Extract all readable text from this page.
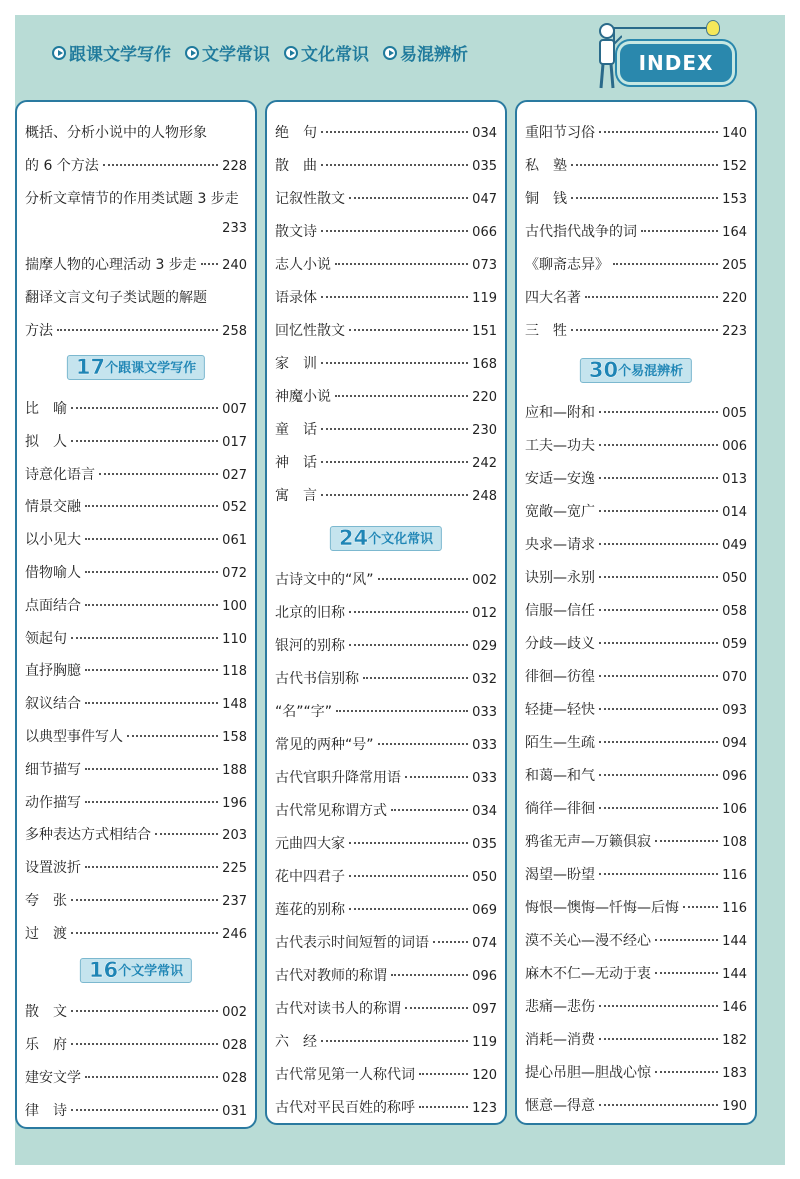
跟课文学写作 文学常识 文化常识 易混辨析	INDEX
概括、分析小说中的人物形象
的 6 个方法	228
分析文章情节的作用类试题 3 步走
233
揣摩人物的心理活动 3 步走 240
翻译文言文句子类试题的解题
方法	258
17 个跟课文学写作
比　喻	007
拟　人	017
诗意化语言	027
情景交融	052
以小见大	061
借物喻人	072
点面结合	100
领起句	110
直抒胸臆	118
叙议结合	148
以典型事件写人	158
细节描写	188
动作描写	196
多种表达方式相结合	203
设置波折	225
夸　张	237
过　渡	246
16 个文学常识
散　文	002
乐　府	028
建安文学	028
律　诗	031
绝　句	034
散　曲	035
记叙性散文	047
散文诗	066
志人小说	073
语录体	119
回忆性散文	151
家　训	168
神魔小说	220
童　话	230
神　话	242
寓　言	248
24 个文化常识
古诗文中的“风”	002
北京的旧称	012
银河的别称	029
古代书信别称	032
“名”“字”	033
常见的两种“号”	033
古代官职升降常用语	033
古代常见称谓方式	034
元曲四大家	035
花中四君子	050
莲花的别称	069
古代表示时间短暂的词语	074
古代对教师的称谓	096
古代对读书人的称谓	097
六　经	119
古代常见第一人称代词	120
古代对平民百姓的称呼	123
重阳节习俗	140
私　塾	152
铜　钱	153
古代指代战争的词	164
《聊斋志异》	205
四大名著	220
三　牲	223
30 个易混辨析
应和—附和	005
工夫—功夫	006
安适—安逸	013
宽敞—宽广	014
央求—请求	049
诀别—永别	050
信服—信任	058
分歧—歧义	059
徘徊—彷徨	070
轻捷—轻快	093
陌生—生疏	094
和蔼—和气	096
徜徉—徘徊	106
鸦雀无声—万籁俱寂	108
渴望—盼望	116
悔恨—懊悔—忏悔—后悔	116
漠不关心—漫不经心	144
麻木不仁—无动于衷	144
悲痛—悲伤	146
消耗—消费	182
提心吊胆—胆战心惊	183
惬意—得意	190
